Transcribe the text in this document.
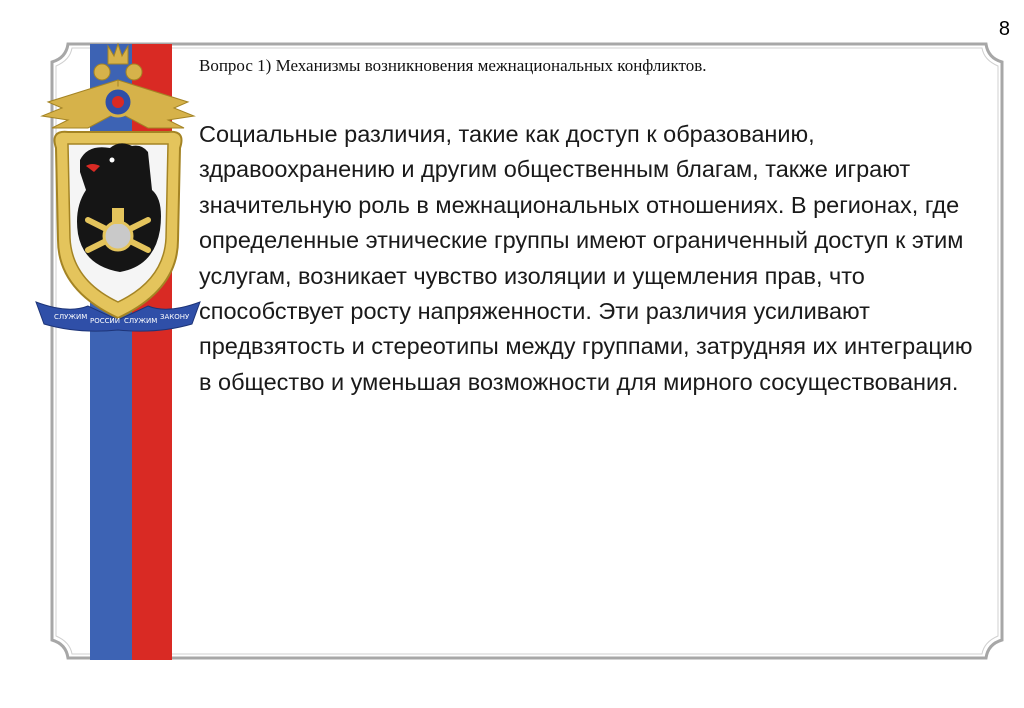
СЛУЖИМ РОССИИ СЛУЖИМ ЗАКОНУ
8
Вопрос 1) Механизмы возникновения межнациональных конфликтов.
Социальные различия, такие как доступ к образованию, здравоохранению и другим общественным благам, также играют значительную роль в межнациональных отношениях. В регионах, где определенные этнические группы имеют ограниченный доступ к этим услугам, возникает чувство изоляции и ущемления прав, что способствует росту напряженности. Эти различия усиливают предвзятость и стереотипы между группами, затрудняя их интеграцию в общество и уменьшая возможности для мирного сосуществования.
